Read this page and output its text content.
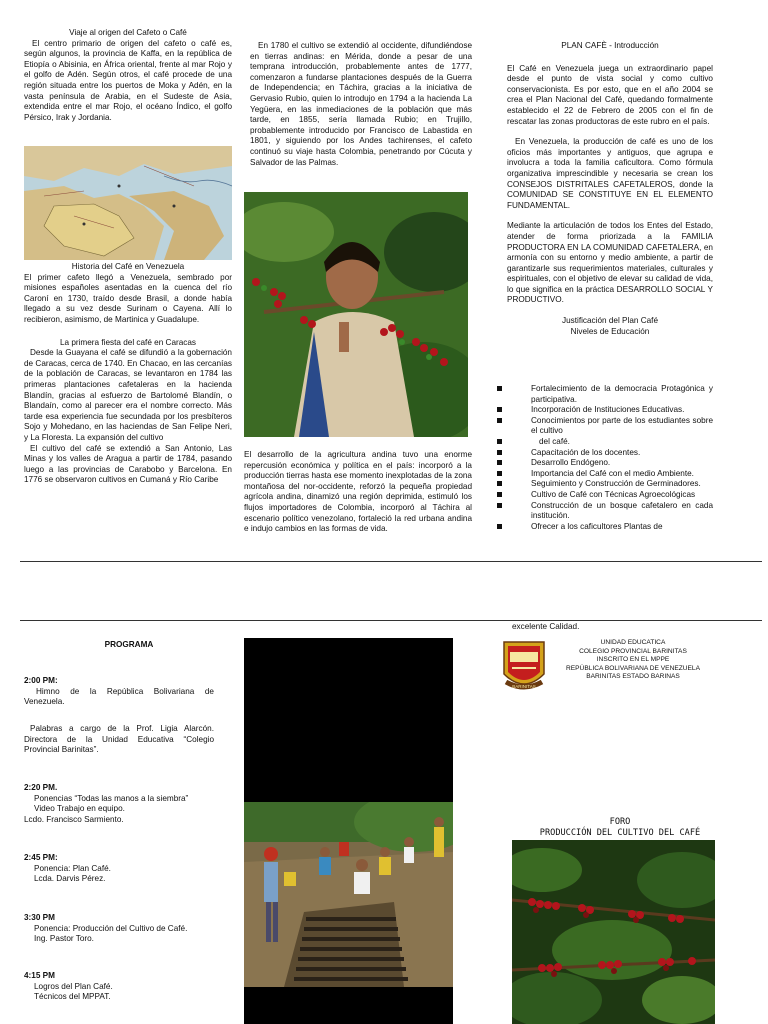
Viaje al origen del Cafeto o Café

El centro primario de origen del cafeto o café es, según algunos, la provincia de Kaffa, en la república de Etiopía o Abisinia, en África oriental, frente al mar Rojo y el golfo de Adén. Según otros, el café procede de una región situada entre los puertos de Moka y Adén, en la vasta península de Arabia, en el Sudeste de Asia, extendida entre el mar Rojo, el océano Índico, el golfo Pérsico, Irak y Jordania.

Historia del Café en Venezuela

El primer cafeto llegó a Venezuela, sembrado por misiones españoles asentadas en la cuenca del río Caroní en 1730, traído desde Brasil, a donde había llegado a su vez desde Surinam o Cayena. Allí lo recibieron, asimismo, de Martinica y Guadalupe.

La primera fiesta del café en Caracas

Desde la Guayana el café se difundió a la gobernación de Caracas, cerca de 1740. En Chacao, en las cercanías de la población de Caracas, se levantaron en 1784 las primeras plantaciones cafetaleras en la hacienda Blandín, gracias al esfuerzo de Bartolomé Blandín, o Blandaín, como al parecer era el nombre correcto. Más tarde esa experiencia fue secundada por los presbíteros Sojo y Mohedano, en las haciendas de San Felipe Neri, y La Floresta. La expansión del cultivo

El cultivo del café se extendió a San Antonio, Las Minas y los valles de Aragua a partir de 1784, pasando luego a las provincias de Carabobo y Barcelona. En 1776 se observaron cultivos en Cumaná y Río Caribe

En 1780 el cultivo se extendió al occidente, difundiéndose en tierras andinas: en Mérida, donde a pesar de una temprana introducción, probablemente antes de 1777, comenzaron a fundarse plantaciones después de la Guerra de Independencia; en Táchira, gracias a la iniciativa de Gervasio Rubio, quien lo introdujo en 1794 a la hacienda La Yegüera, en las inmediaciones de la población que más tarde, en 1855, sería llamada Rubio; en Trujillo, probablemente introducido por Francisco de Labastida en 1801, y siguiendo por los Andes tachirenses, el cafeto continuó su viaje hasta Colombia, penetrando por Cúcuta y Salvador de las Palmas.

El desarrollo de la agricultura andina tuvo una enorme repercusión económica y política en el país: incorporó a la producción tierras hasta ese momento inexplotadas de la zona montañosa del nor-occidente, reforzó la pequeña propiedad agrícola andina, dinamizó una región deprimida, estimuló los flujos importadores de Colombia, incorporó al Táchira al escenario político venezolano, fortaleció la red urbana andina e indujo cambios en las formas de vida.

PLAN CAFÈ - Introducción

El Café en Venezuela juega un extraordinario papel desde el punto de vista social y como cultivo conservacionista. Es por esto, que en el año 2004 se crea el Plan Nacional del Café, quedando formalmente establecido el 22 de Febrero de 2005 con el fin de rescatar las zonas productoras de este rubro en el país.

En Venezuela, la producción de café es uno de los oficios más importantes y antiguos, que agrupa e involucra a toda la familia caficultora. Como fórmula organizativa imprescindible y necesaria se crean los CONSEJOS DISTRITALES CAFETALEROS, donde la COMUNIDAD SE CONSTITUYE EN EL ELEMENTO FUNDAMENTAL.

Mediante la articulación de todos los Entes del Estado, atender de forma priorizada a la FAMILIA PRODUCTORA EN LA COMUNIDAD CAFETALERA, en armonía con su entorno y medio ambiente, a partir de garantizarle sus requerimientos materiales, culturales y espirituales, con el objetivo de elevar su calidad de vida, lo que significa en la práctica DESARROLLO SOCIAL Y PRODUCTIVO.

Justificación del Plan Café

Niveles de Educación

Fortalecimiento de la democracia Protagónica y participativa.
Incorporación de Instituciones Educativas.
Conocimientos por parte de los estudiantes sobre el cultivo
del café.
Capacitación de los docentes.
Desarrollo Endógeno.
Importancia del Café con el medio Ambiente.
Seguimiento y Construcción de Germinadores.
Cultivo de Café con Técnicas Agroecológicas
Construcción de un bosque cafetalero en cada institución.
Ofrecer a los caficultores Plantas de
excelente Calidad.
PROGRAMA
2:00 PM:
Himno de la República Bolivariana de Venezuela.
Palabras a cargo de la Prof. Ligia Alarcón. Directora de la Unidad Educativa “Colegio Provincial Barinitas”.
2:20 PM.
Ponencias “Todas las manos a la siembra”
Video Trabajo en equipo.
Lcdo. Francisco Sarmiento.
2:45 PM:
Ponencia: Plan Café.
Lcda. Darvis Pérez.
3:30 PM
Ponencia: Producción del Cultivo de Café.
Ing. Pastor Toro.
4:15 PM
Logros del Plan Café.
Técnicos del MPPAT.
BARINITAS
UNIDAD EDUCATICA
COLEGIO PROVINCIAL BARINITAS
INSCRITO EN EL MPPE
REPÚBLICA BOLIVARIANA DE VENEZUELA
BARINITAS ESTADO BARINAS
FORO
PRODUCCIÓN DEL CULTIVO DEL CAFÉ
